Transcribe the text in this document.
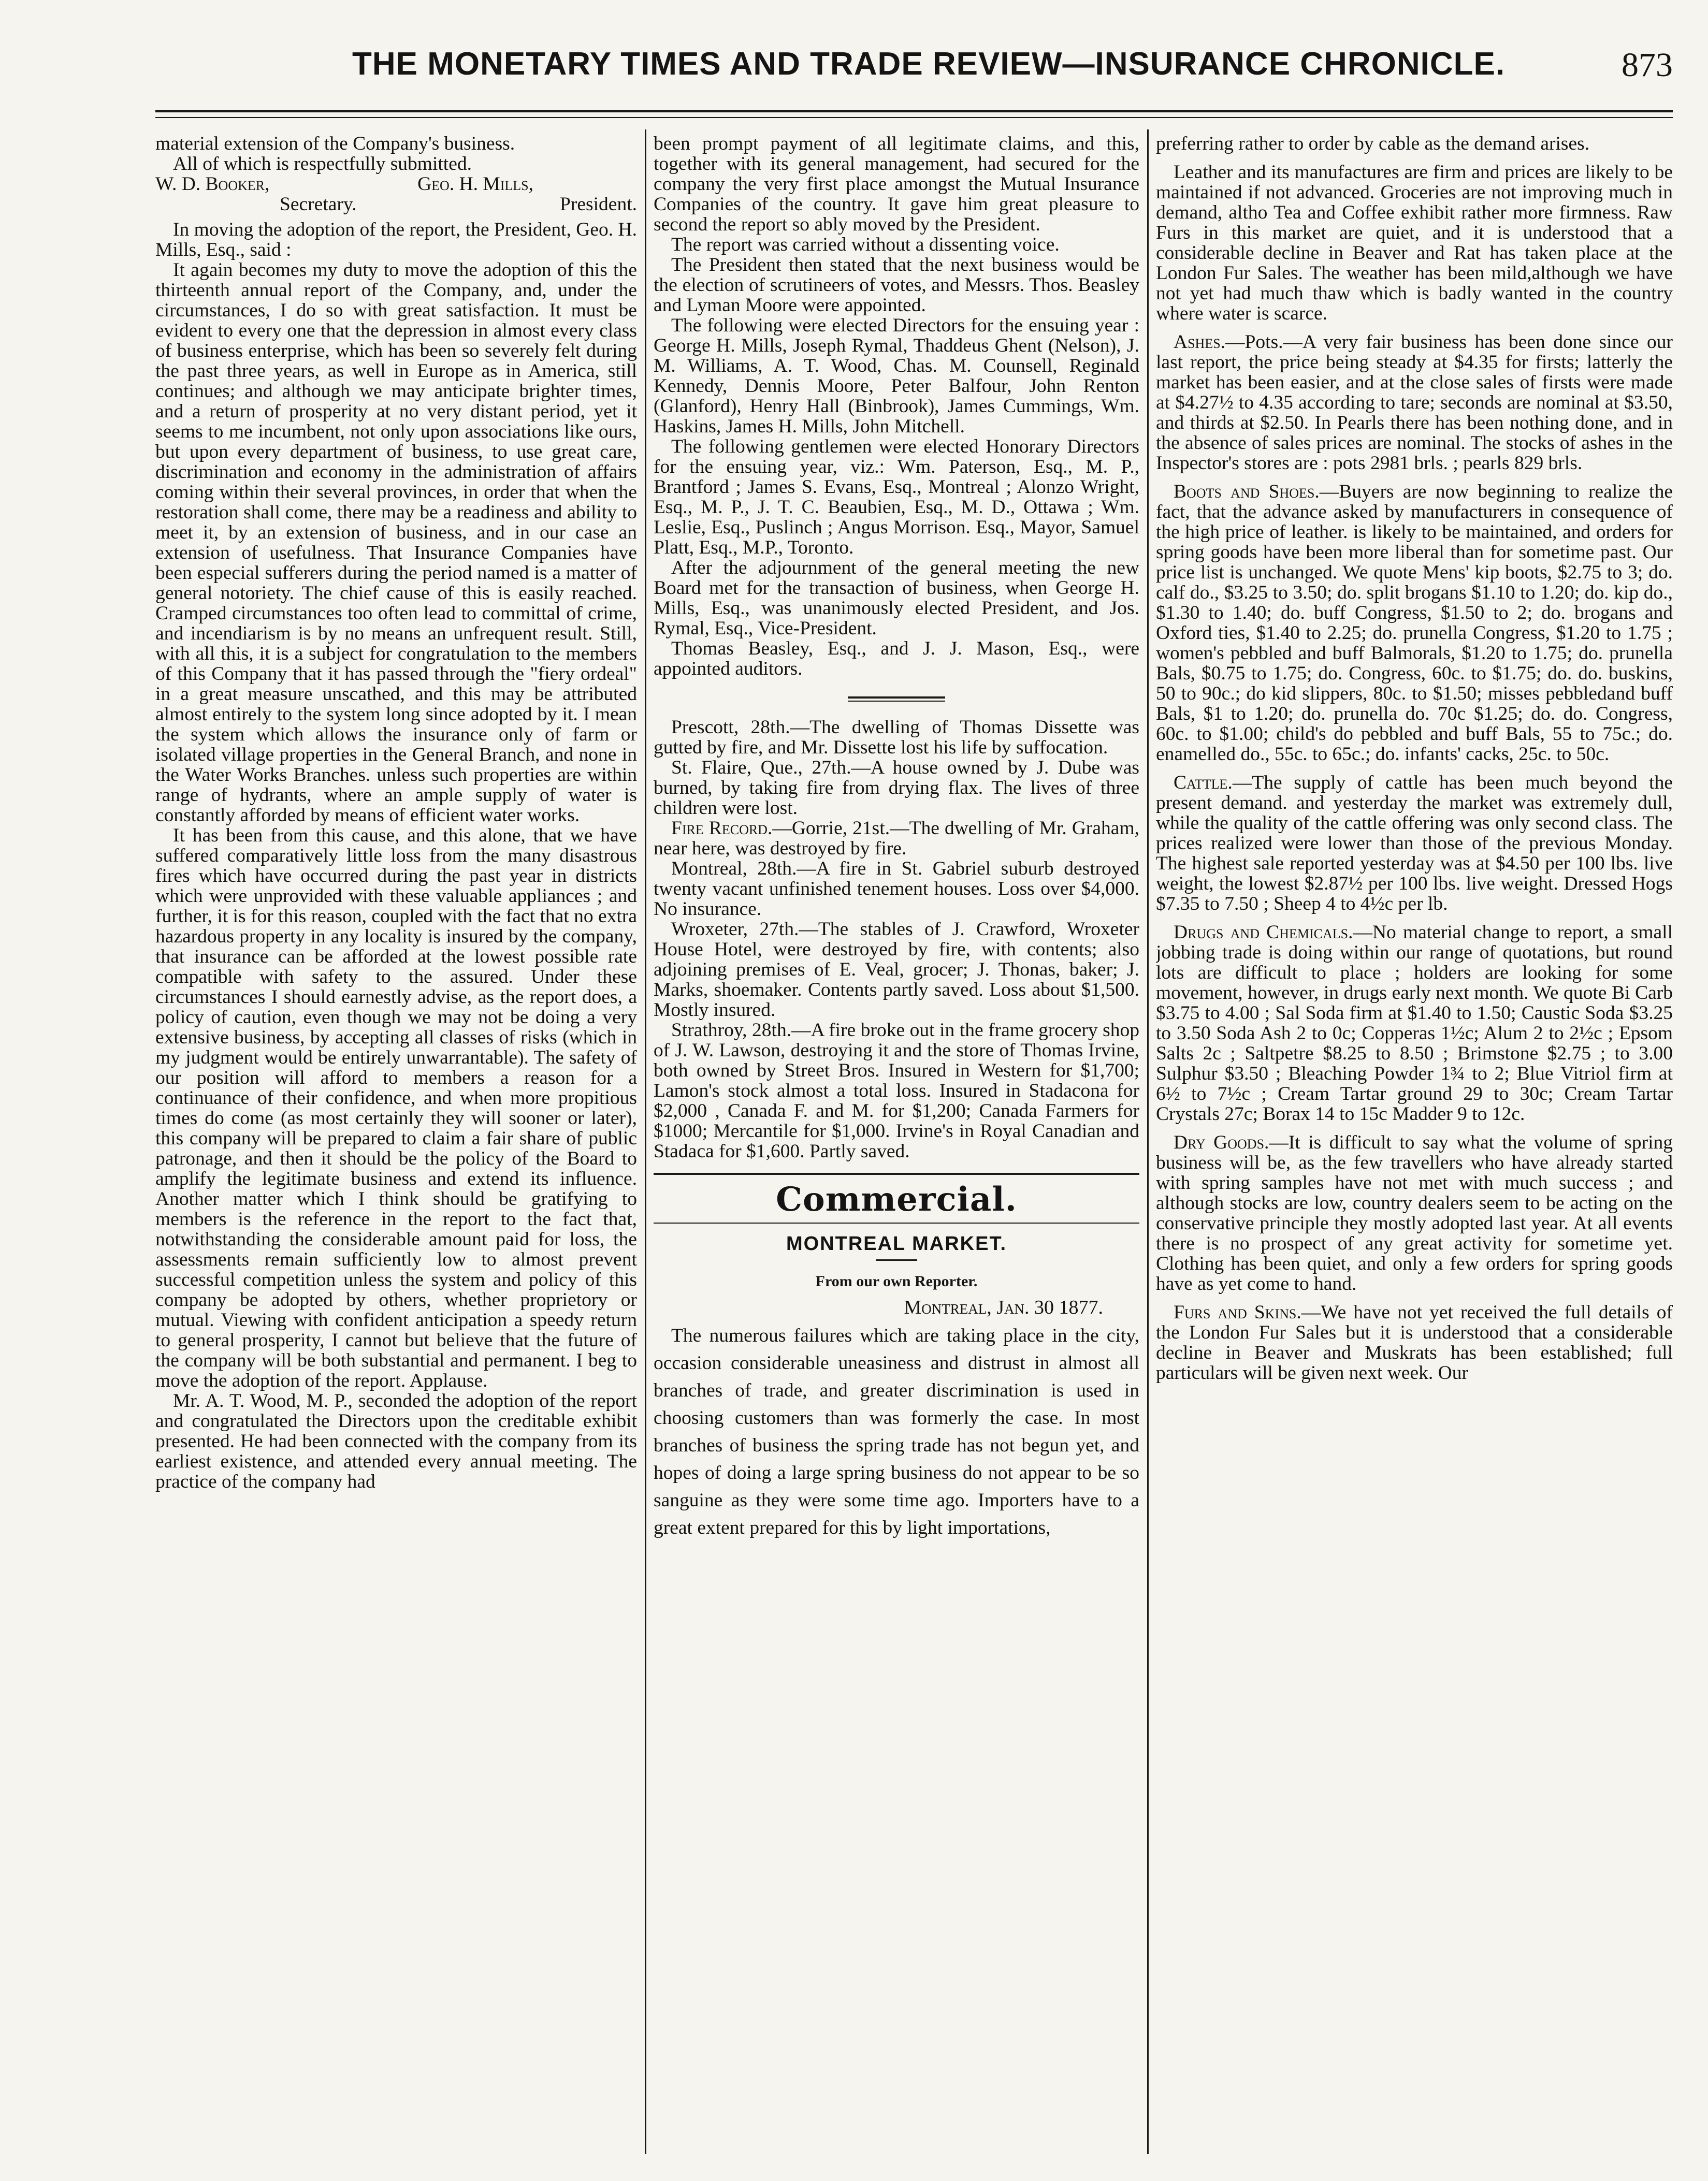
THE MONETARY TIMES AND TRADE REVIEW—INSURANCE CHRONICLE.	873

material extension of the Company's business.

All of which is respectfully submitted.

W. D. Booker,	Geo. H. Mills,
Secretary.	President.

In moving the adoption of the report, the President, Geo. H. Mills, Esq., said :

It again becomes my duty to move the adoption of this the thirteenth annual report of the Company, and, under the circumstances, I do so with great satisfaction. It must be evident to every one that the depression in almost every class of business enterprise, which has been so severely felt during the past three years, as well in Europe as in America, still continues; and although we may anticipate brighter times, and a return of prosperity at no very distant period, yet it seems to me incumbent, not only upon associations like ours, but upon every department of business, to use great care, discrimination and economy in the administration of affairs coming within their several provinces, in order that when the restoration shall come, there may be a readiness and ability to meet it, by an extension of business, and in our case an extension of usefulness. That Insurance Companies have been especial sufferers during the period named is a matter of general notoriety. The chief cause of this is easily reached. Cramped circumstances too often lead to committal of crime, and incendiarism is by no means an unfrequent result. Still, with all this, it is a subject for congratulation to the members of this Company that it has passed through the "fiery ordeal" in a great measure unscathed, and this may be attributed almost entirely to the system long since adopted by it. I mean the system which allows the insurance only of farm or isolated village properties in the General Branch, and none in the Water Works Branches. unless such properties are within range of hydrants, where an ample supply of water is constantly afforded by means of efficient water works.

It has been from this cause, and this alone, that we have suffered comparatively little loss from the many disastrous fires which have occurred during the past year in districts which were unprovided with these valuable appliances ; and further, it is for this reason, coupled with the fact that no extra hazardous property in any locality is insured by the company, that insurance can be afforded at the lowest possible rate compatible with safety to the assured. Under these circumstances I should earnestly advise, as the report does, a policy of caution, even though we may not be doing a very extensive business, by accepting all classes of risks (which in my judgment would be entirely unwarrantable). The safety of our position will afford to members a reason for a continuance of their confidence, and when more propitious times do come (as most certainly they will sooner or later), this company will be prepared to claim a fair share of public patronage, and then it should be the policy of the Board to amplify the legitimate business and extend its influence. Another matter which I think should be gratifying to members is the reference in the report to the fact that, notwithstanding the considerable amount paid for loss, the assessments remain sufficiently low to almost prevent successful competition unless the system and policy of this company be adopted by others, whether proprietory or mutual. Viewing with confident anticipation a speedy return to general prosperity, I cannot but believe that the future of the company will be both substantial and permanent. I beg to move the adoption of the report. Applause.

Mr. A. T. Wood, M. P., seconded the adoption of the report and congratulated the Directors upon the creditable exhibit presented. He had been connected with the company from its earliest existence, and attended every annual meeting. The practice of the company had

been prompt payment of all legitimate claims, and this, together with its general management, had secured for the company the very first place amongst the Mutual Insurance Companies of the country. It gave him great pleasure to second the report so ably moved by the President.

The report was carried without a dissenting voice.

The President then stated that the next business would be the election of scrutineers of votes, and Messrs. Thos. Beasley and Lyman Moore were appointed.

The following were elected Directors for the ensuing year : George H. Mills, Joseph Rymal, Thaddeus Ghent (Nelson), J. M. Williams, A. T. Wood, Chas. M. Counsell, Reginald Kennedy, Dennis Moore, Peter Balfour, John Renton (Glanford), Henry Hall (Binbrook), James Cummings, Wm. Haskins, James H. Mills, John Mitchell.

The following gentlemen were elected Honorary Directors for the ensuing year, viz.: Wm. Paterson, Esq., M. P., Brantford ; James S. Evans, Esq., Montreal ; Alonzo Wright, Esq., M. P., J. T. C. Beaubien, Esq., M. D., Ottawa ; Wm. Leslie, Esq., Puslinch ; Angus Morrison. Esq., Mayor, Samuel Platt, Esq., M.P., Toronto.

After the adjournment of the general meeting the new Board met for the transaction of business, when George H. Mills, Esq., was unanimously elected President, and Jos. Rymal, Esq., Vice-President.

Thomas Beasley, Esq., and J. J. Mason, Esq., were appointed auditors.

Prescott, 28th.—The dwelling of Thomas Dissette was gutted by fire, and Mr. Dissette lost his life by suffocation.

St. Flaire, Que., 27th.—A house owned by J. Dube was burned, by taking fire from drying flax. The lives of three children were lost.

Fire Record.—Gorrie, 21st.—The dwelling of Mr. Graham, near here, was destroyed by fire.

Montreal, 28th.—A fire in St. Gabriel suburb destroyed twenty vacant unfinished tenement houses. Loss over $4,000. No insurance.

Wroxeter, 27th.—The stables of J. Crawford, Wroxeter House Hotel, were destroyed by fire, with contents; also adjoining premises of E. Veal, grocer; J. Thonas, baker; J. Marks, shoemaker. Contents partly saved. Loss about $1,500. Mostly insured.

Strathroy, 28th.—A fire broke out in the frame grocery shop of J. W. Lawson, destroying it and the store of Thomas Irvine, both owned by Street Bros. Insured in Western for $1,700; Lamon's stock almost a total loss. Insured in Stadacona for $2,000 , Canada F. and M. for $1,200; Canada Farmers for $1000; Mercantile for $1,000. Irvine's in Royal Canadian and Stadaca for $1,600. Partly saved.

Commercial.
MONTREAL MARKET.
From our own Reporter.
Montreal, Jan. 30 1877.

The numerous failures which are taking place in the city, occasion considerable uneasiness and distrust in almost all branches of trade, and greater discrimination is used in choosing customers than was formerly the case. In most branches of business the spring trade has not begun yet, and hopes of doing a large spring business do not appear to be so sanguine as they were some time ago. Importers have to a great extent prepared for this by light importations,

preferring rather to order by cable as the demand arises.

Leather and its manufactures are firm and prices are likely to be maintained if not advanced. Groceries are not improving much in demand, altho Tea and Coffee exhibit rather more firmness. Raw Furs in this market are quiet, and it is understood that a considerable decline in Beaver and Rat has taken place at the London Fur Sales. The weather has been mild,although we have not yet had much thaw which is badly wanted in the country where water is scarce.

Ashes.—Pots.—A very fair business has been done since our last report, the price being steady at $4.35 for firsts; latterly the market has been easier, and at the close sales of firsts were made at $4.27½ to 4.35 according to tare; seconds are nominal at $3.50, and thirds at $2.50. In Pearls there has been nothing done, and in the absence of sales prices are nominal. The stocks of ashes in the Inspector's stores are : pots 2981 brls. ; pearls 829 brls.

Boots and Shoes.—Buyers are now beginning to realize the fact, that the advance asked by manufacturers in consequence of the high price of leather. is likely to be maintained, and orders for spring goods have been more liberal than for sometime past. Our price list is unchanged. We quote Mens' kip boots, $2.75 to 3; do. calf do., $3.25 to 3.50; do. split brogans $1.10 to 1.20; do. kip do., $1.30 to 1.40; do. buff Congress, $1.50 to 2; do. brogans and Oxford ties, $1.40 to 2.25; do. prunella Congress, $1.20 to 1.75 ; women's pebbled and buff Balmorals, $1.20 to 1.75; do. prunella Bals, $0.75 to 1.75; do. Congress, 60c. to $1.75; do. do. buskins, 50 to 90c.; do kid slippers, 80c. to $1.50; misses pebbledand buff Bals, $1 to 1.20; do. prunella do. 70c $1.25; do. do. Congress, 60c. to $1.00; child's do pebbled and buff Bals, 55 to 75c.; do. enamelled do., 55c. to 65c.; do. infants' cacks, 25c. to 50c.

Cattle.—The supply of cattle has been much beyond the present demand. and yesterday the market was extremely dull, while the quality of the cattle offering was only second class. The prices realized were lower than those of the previous Monday. The highest sale reported yesterday was at $4.50 per 100 lbs. live weight, the lowest $2.87½ per 100 lbs. live weight. Dressed Hogs $7.35 to 7.50 ; Sheep 4 to 4½c per lb.

Drugs and Chemicals.—No material change to report, a small jobbing trade is doing within our range of quotations, but round lots are difficult to place ; holders are looking for some movement, however, in drugs early next month. We quote Bi Carb $3.75 to 4.00 ; Sal Soda firm at $1.40 to 1.50; Caustic Soda $3.25 to 3.50 Soda Ash 2 to 0c; Copperas 1½c; Alum 2 to 2½c ; Epsom Salts 2c ; Saltpetre $8.25 to 8.50 ; Brimstone $2.75 ; to 3.00 Sulphur $3.50 ; Bleaching Powder 1¾ to 2; Blue Vitriol firm at 6½ to 7½c ; Cream Tartar ground 29 to 30c; Cream Tartar Crystals 27c; Borax 14 to 15c Madder 9 to 12c.

Dry Goods.—It is difficult to say what the volume of spring business will be, as the few travellers who have already started with spring samples have not met with much success ; and although stocks are low, country dealers seem to be acting on the conservative principle they mostly adopted last year. At all events there is no prospect of any great activity for sometime yet. Clothing has been quiet, and only a few orders for spring goods have as yet come to hand.

Furs and Skins.—We have not yet received the full details of the London Fur Sales but it is understood that a considerable decline in Beaver and Muskrats has been established; full particulars will be given next week. Our
